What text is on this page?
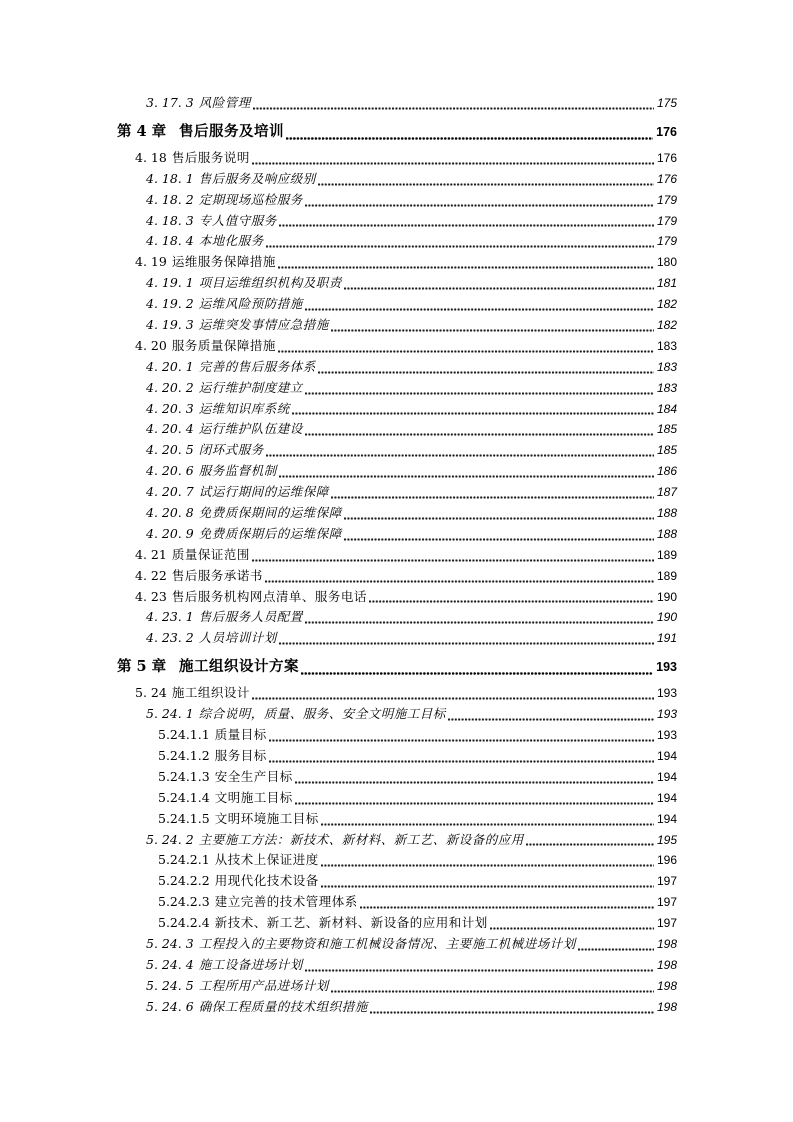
3. 17. 3 风险管理	175
第 4 章 售后服务及培训	176
4. 18 售后服务说明	176
4. 18. 1 售后服务及响应级别	176
4. 18. 2 定期现场巡检服务	179
4. 18. 3 专人值守服务	179
4. 18. 4 本地化服务	179
4. 19 运维服务保障措施	180
4. 19. 1 项目运维组织机构及职责	181
4. 19. 2 运维风险预防措施	182
4. 19. 3 运维突发事情应急措施	182
4. 20 服务质量保障措施	183
4. 20. 1 完善的售后服务体系	183
4. 20. 2 运行维护制度建立	183
4. 20. 3 运维知识库系统	184
4. 20. 4 运行维护队伍建设	185
4. 20. 5 闭环式服务	185
4. 20. 6 服务监督机制	186
4. 20. 7 试运行期间的运维保障	187
4. 20. 8 免费质保期间的运维保障	188
4. 20. 9 免费质保期后的运维保障	188
4. 21 质量保证范围	189
4. 22 售后服务承诺书	189
4. 23 售后服务机构网点清单、服务电话	190
4. 23. 1 售后服务人员配置	190
4. 23. 2 人员培训计划	191
第 5 章 施工组织设计方案	193
5. 24 施工组织设计	193
5. 24. 1 综合说明，质量、服务、安全文明施工目标	193
5.24.1.1 质量目标	193
5.24.1.2 服务目标	194
5.24.1.3 安全生产目标	194
5.24.1.4 文明施工目标	194
5.24.1.5 文明环境施工目标	194
5. 24. 2 主要施工方法：新技术、新材料、新工艺、新设备的应用	195
5.24.2.1 从技术上保证进度	196
5.24.2.2 用现代化技术设备	197
5.24.2.3 建立完善的技术管理体系	197
5.24.2.4 新技术、新工艺、新材料、新设备的应用和计划	197
5. 24. 3 工程投入的主要物资和施工机械设备情况、主要施工机械进场计划	198
5. 24. 4 施工设备进场计划	198
5. 24. 5 工程所用产品进场计划	198
5. 24. 6 确保工程质量的技术组织措施	198
